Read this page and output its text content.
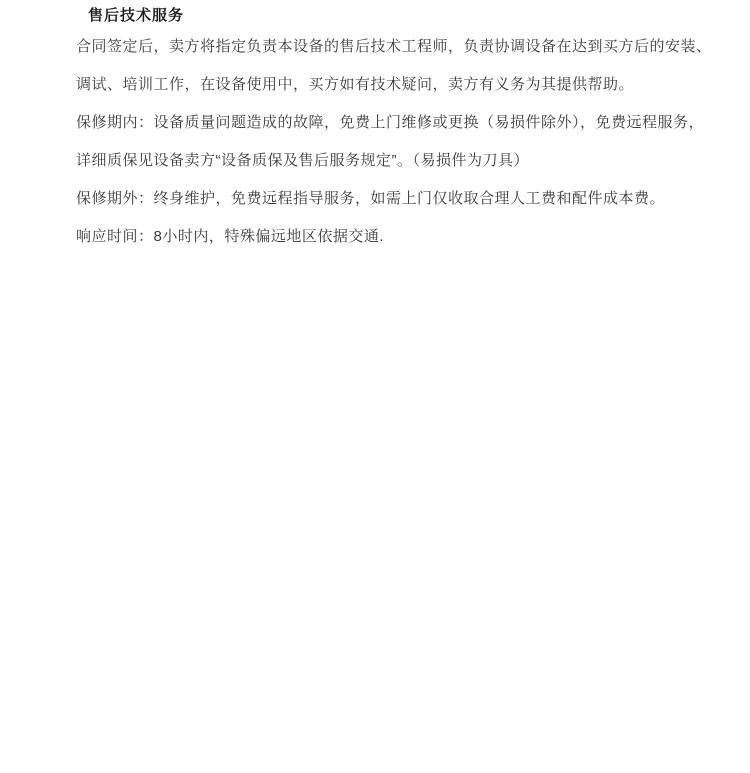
售后技术服务
合同签定后，卖方将指定负责本设备的售后技术工程师，负责协调设备在达到买方后的安装、
调试、培训工作，在设备使用中，买方如有技术疑问，卖方有义务为其提供帮助。
保修期内：设备质量问题造成的故障，免费上门维修或更换（易损件除外），免费远程服务，
详细质保见设备卖方“设备质保及售后服务规定”。（易损件为刀具）
保修期外：终身维护，免费远程指导服务，如需上门仅收取合理人工费和配件成本费。
响应时间：8小时内，特殊偏远地区依据交通.
